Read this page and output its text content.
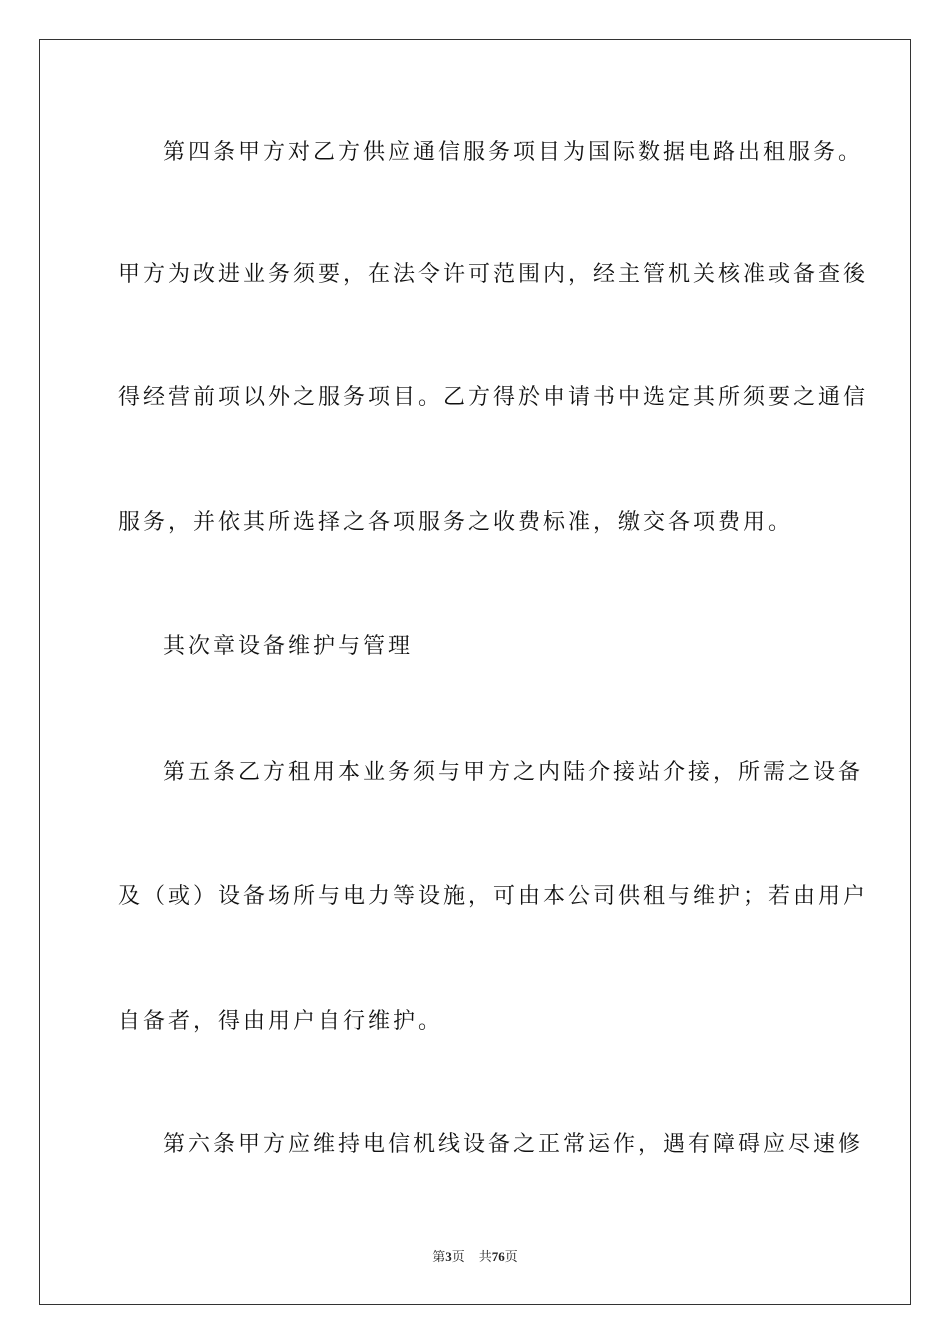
第四条甲方对乙方供应通信服务项目为国际数据电路出租服务。
甲方为改进业务须要，在法令许可范围内，经主管机关核准或备查後
得经营前项以外之服务项目。乙方得於申请书中选定其所须要之通信
服务，并依其所选择之各项服务之收费标准，缴交各项费用。
其次章设备维护与管理
第五条乙方租用本业务须与甲方之内陆介接站介接，所需之设备
及（或）设备场所与电力等设施，可由本公司供租与维护；若由用户
自备者，得由用户自行维护。
第六条甲方应维持电信机线设备之正常运作，遇有障碍应尽速修
第3页 共76页
